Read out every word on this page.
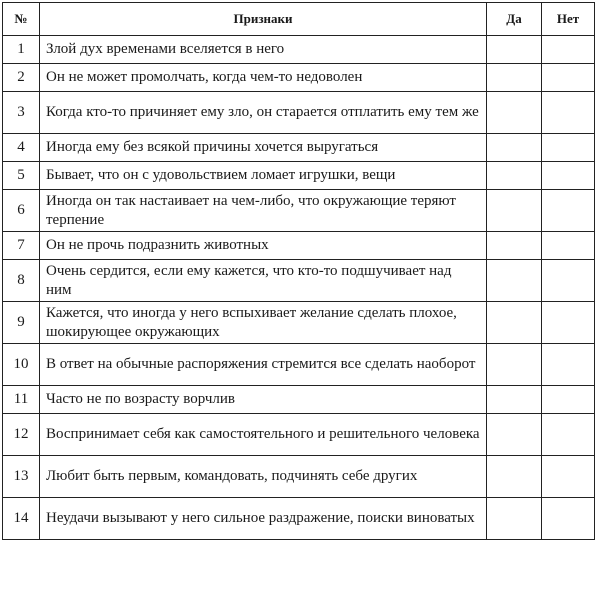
№	Признаки	Да	Нет
1	Злой дух временами вселяется в него		
2	Он не может промолчать, когда чем-то недоволен		
3	Когда кто-то причиняет ему зло, он старается отплатить ему тем же		
4	Иногда ему без всякой причины хочется выругаться		
5	Бывает, что он с удовольствием ломает игрушки, вещи		
6	Иногда он так настаивает на чем-либо, что окружающие теряют терпение		
7	Он не прочь подразнить животных		
8	Очень сердится, если ему кажется, что кто-то подшучивает над ним		
9	Кажется, что иногда у него вспыхивает желание сделать плохое, шокирующее окружающих		
10	В ответ на обычные распоряжения стремится все сделать наоборот		
11	Часто не по возрасту ворчлив		
12	Воспринимает себя как самостоятельного и решительного человека		
13	Любит быть первым, командовать, подчинять себе других		
14	Неудачи вызывают у него сильное раздражение, поиски виноватых		
